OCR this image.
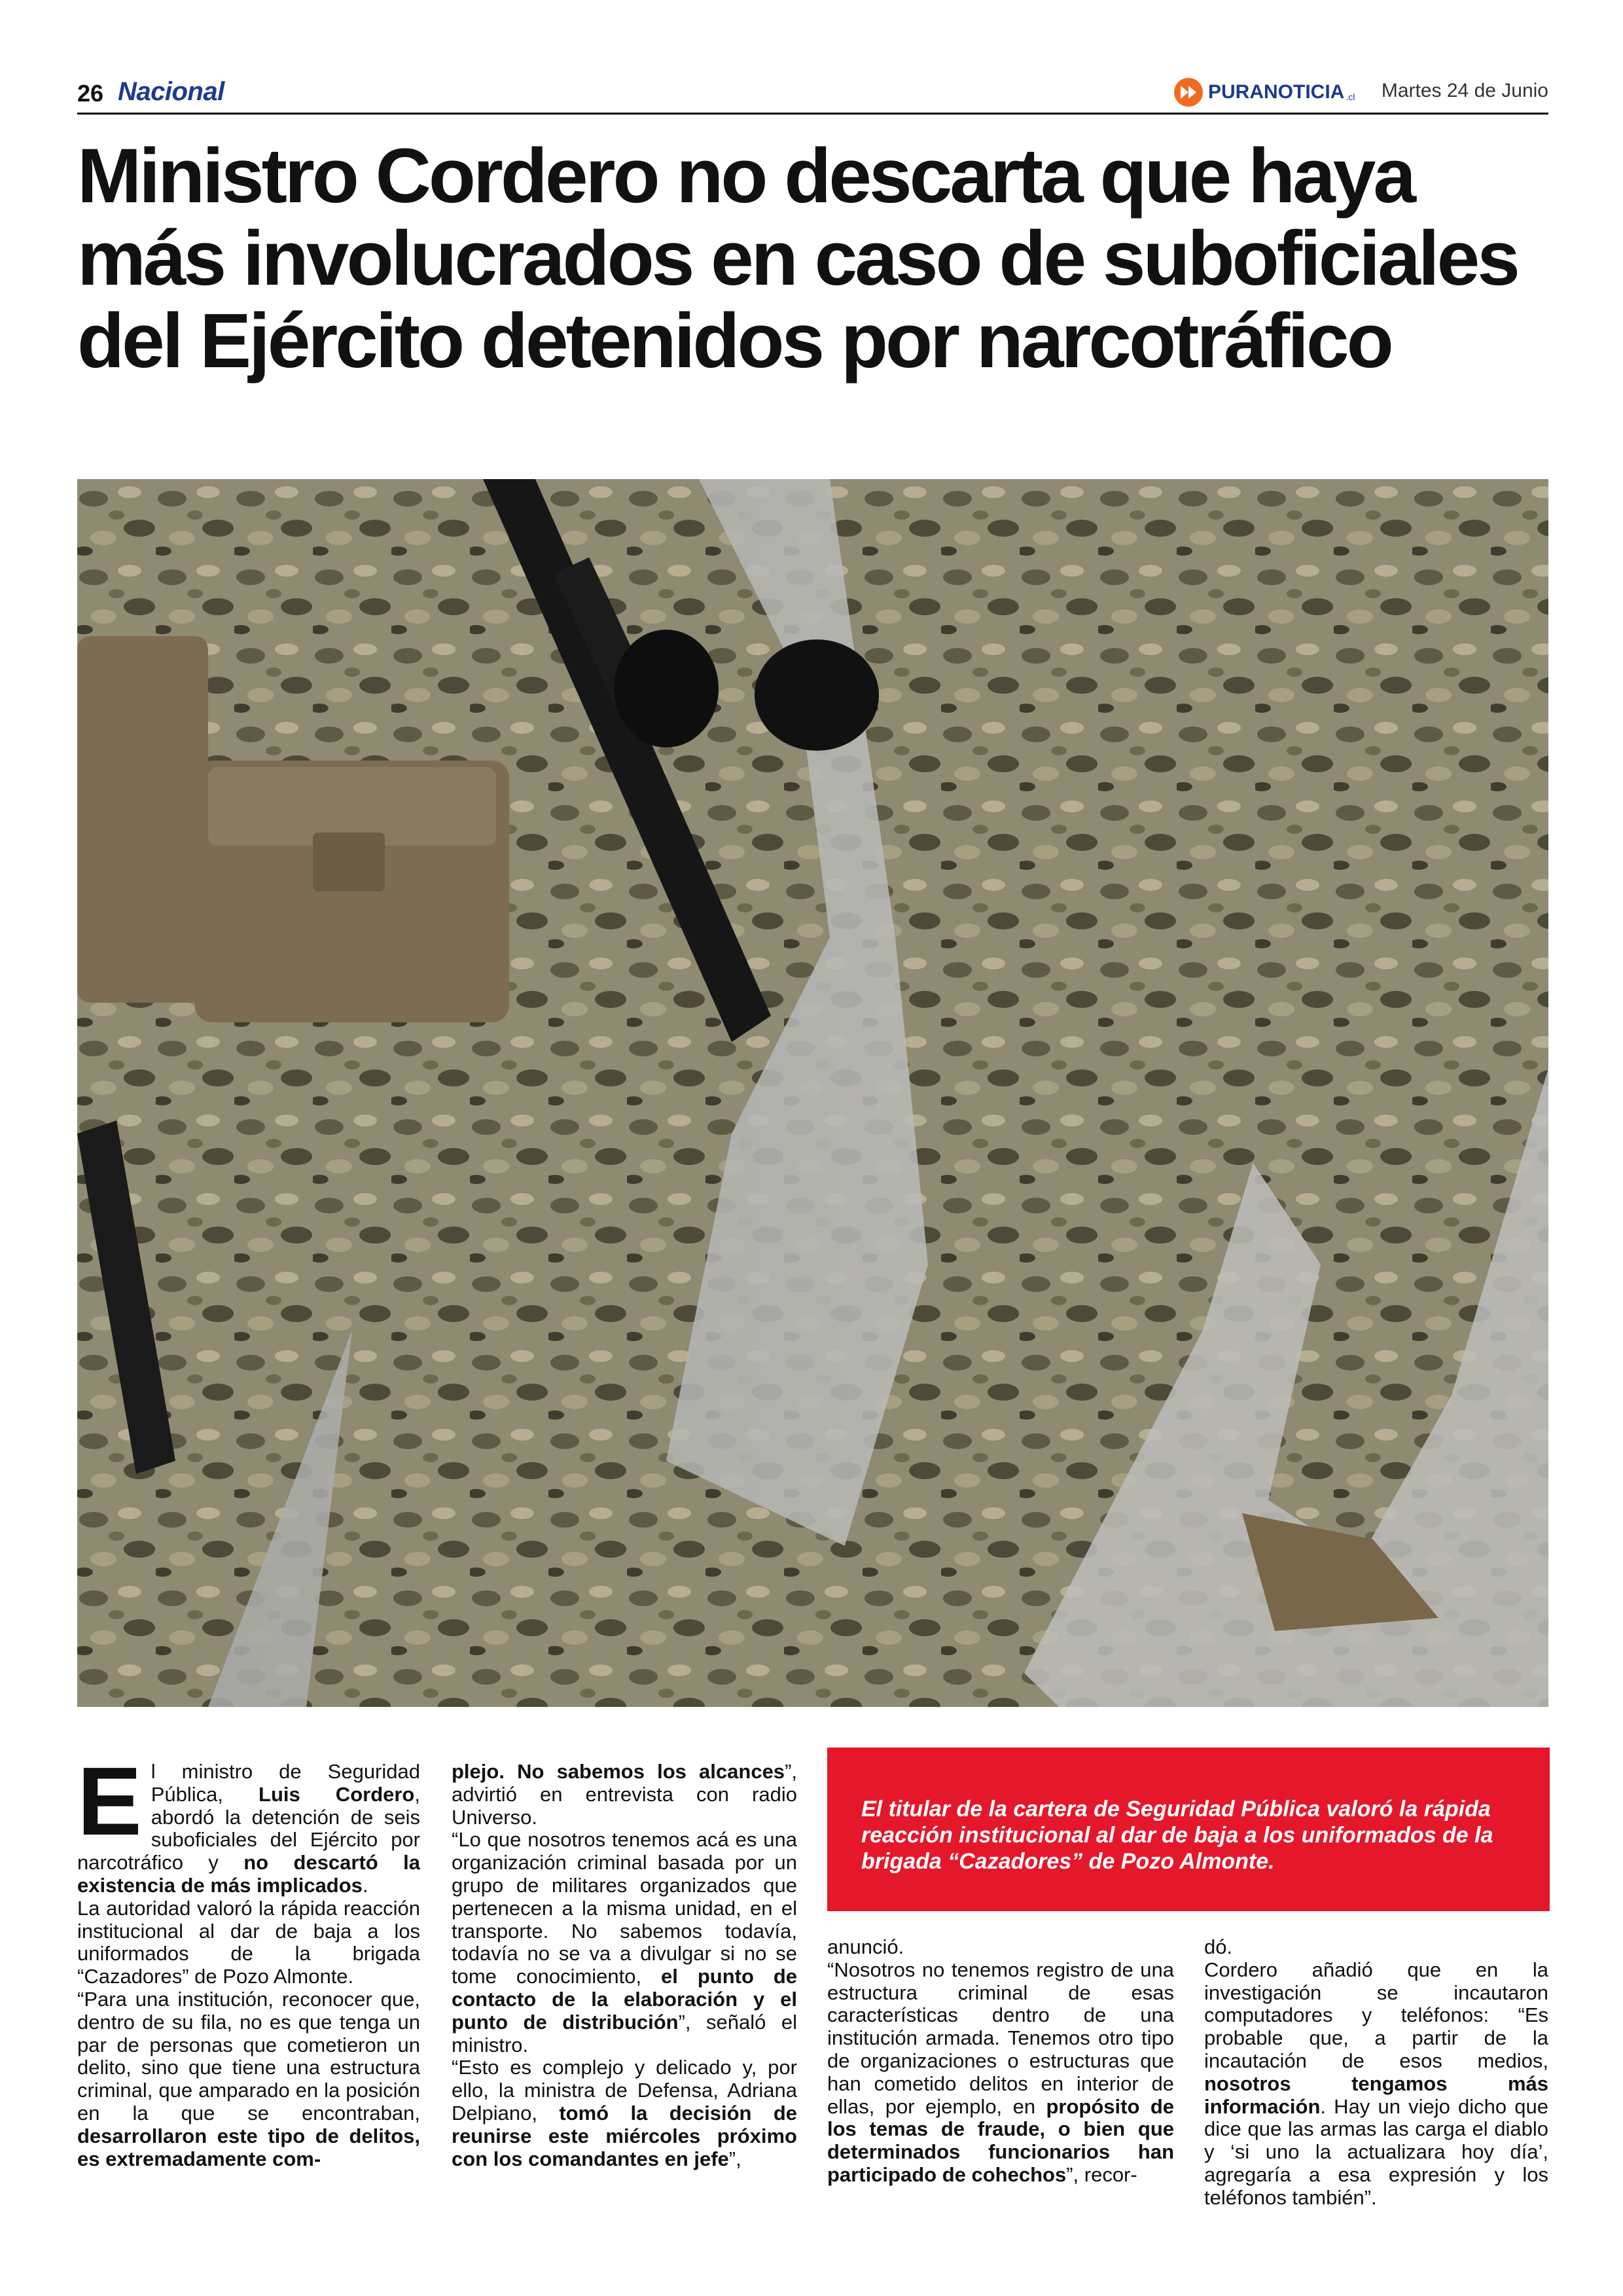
26 Nacional	PURANOTICIA .cl Martes 24 de Junio
Ministro Cordero no descarta que haya más involucrados en caso de suboficiales del Ejército detenidos por narcotráfico
E l ministro de Seguridad Pública, Luis Cordero, abordó la detención de seis suboficiales del Ejército por narcotráfico y no descartó la existencia de más implicados.

La autoridad valoró la rápida reacción institucional al dar de baja a los uniformados de la brigada “Cazadores” de Pozo Almonte.

“Para una institución, reconocer que, dentro de su fila, no es que tenga un par de personas que cometieron un delito, sino que tiene una estructura criminal, que amparado en la posición en la que se encontraban, desarrollaron este tipo de delitos, es extremadamente com-

plejo. No sabemos los alcances”, advirtió en entrevista con radio Universo.

“Lo que nosotros tenemos acá es una organización criminal basada por un grupo de militares organizados que pertenecen a la misma unidad, en el transporte. No sabemos todavía, todavía no se va a divulgar si no se tome conocimiento, el punto de contacto de la elaboración y el punto de distribución”, señaló el ministro.

“Esto es complejo y delicado y, por ello, la ministra de Defensa, Adriana Delpiano, tomó la decisión de reunirse este miércoles próximo con los comandantes en jefe”,

El titular de la cartera de Seguridad Pública valoró la rápida reacción institucional al dar de baja a los uniformados de la brigada “Cazadores” de Pozo Almonte.

anunció.

“Nosotros no tenemos registro de una estructura criminal de esas características dentro de una institución armada. Tenemos otro tipo de organizaciones o estructuras que han cometido delitos en interior de ellas, por ejemplo, en propósito de los temas de fraude, o bien que determinados funcionarios han participado de cohechos”, recor-

dó.

Cordero añadió que en la investigación se incautaron computadores y teléfonos: “Es probable que, a partir de la incautación de esos medios, nosotros tengamos más información. Hay un viejo dicho que dice que las armas las carga el diablo y ‘si uno la actualizara hoy día’, agregaría a esa expresión y los teléfonos también”.
